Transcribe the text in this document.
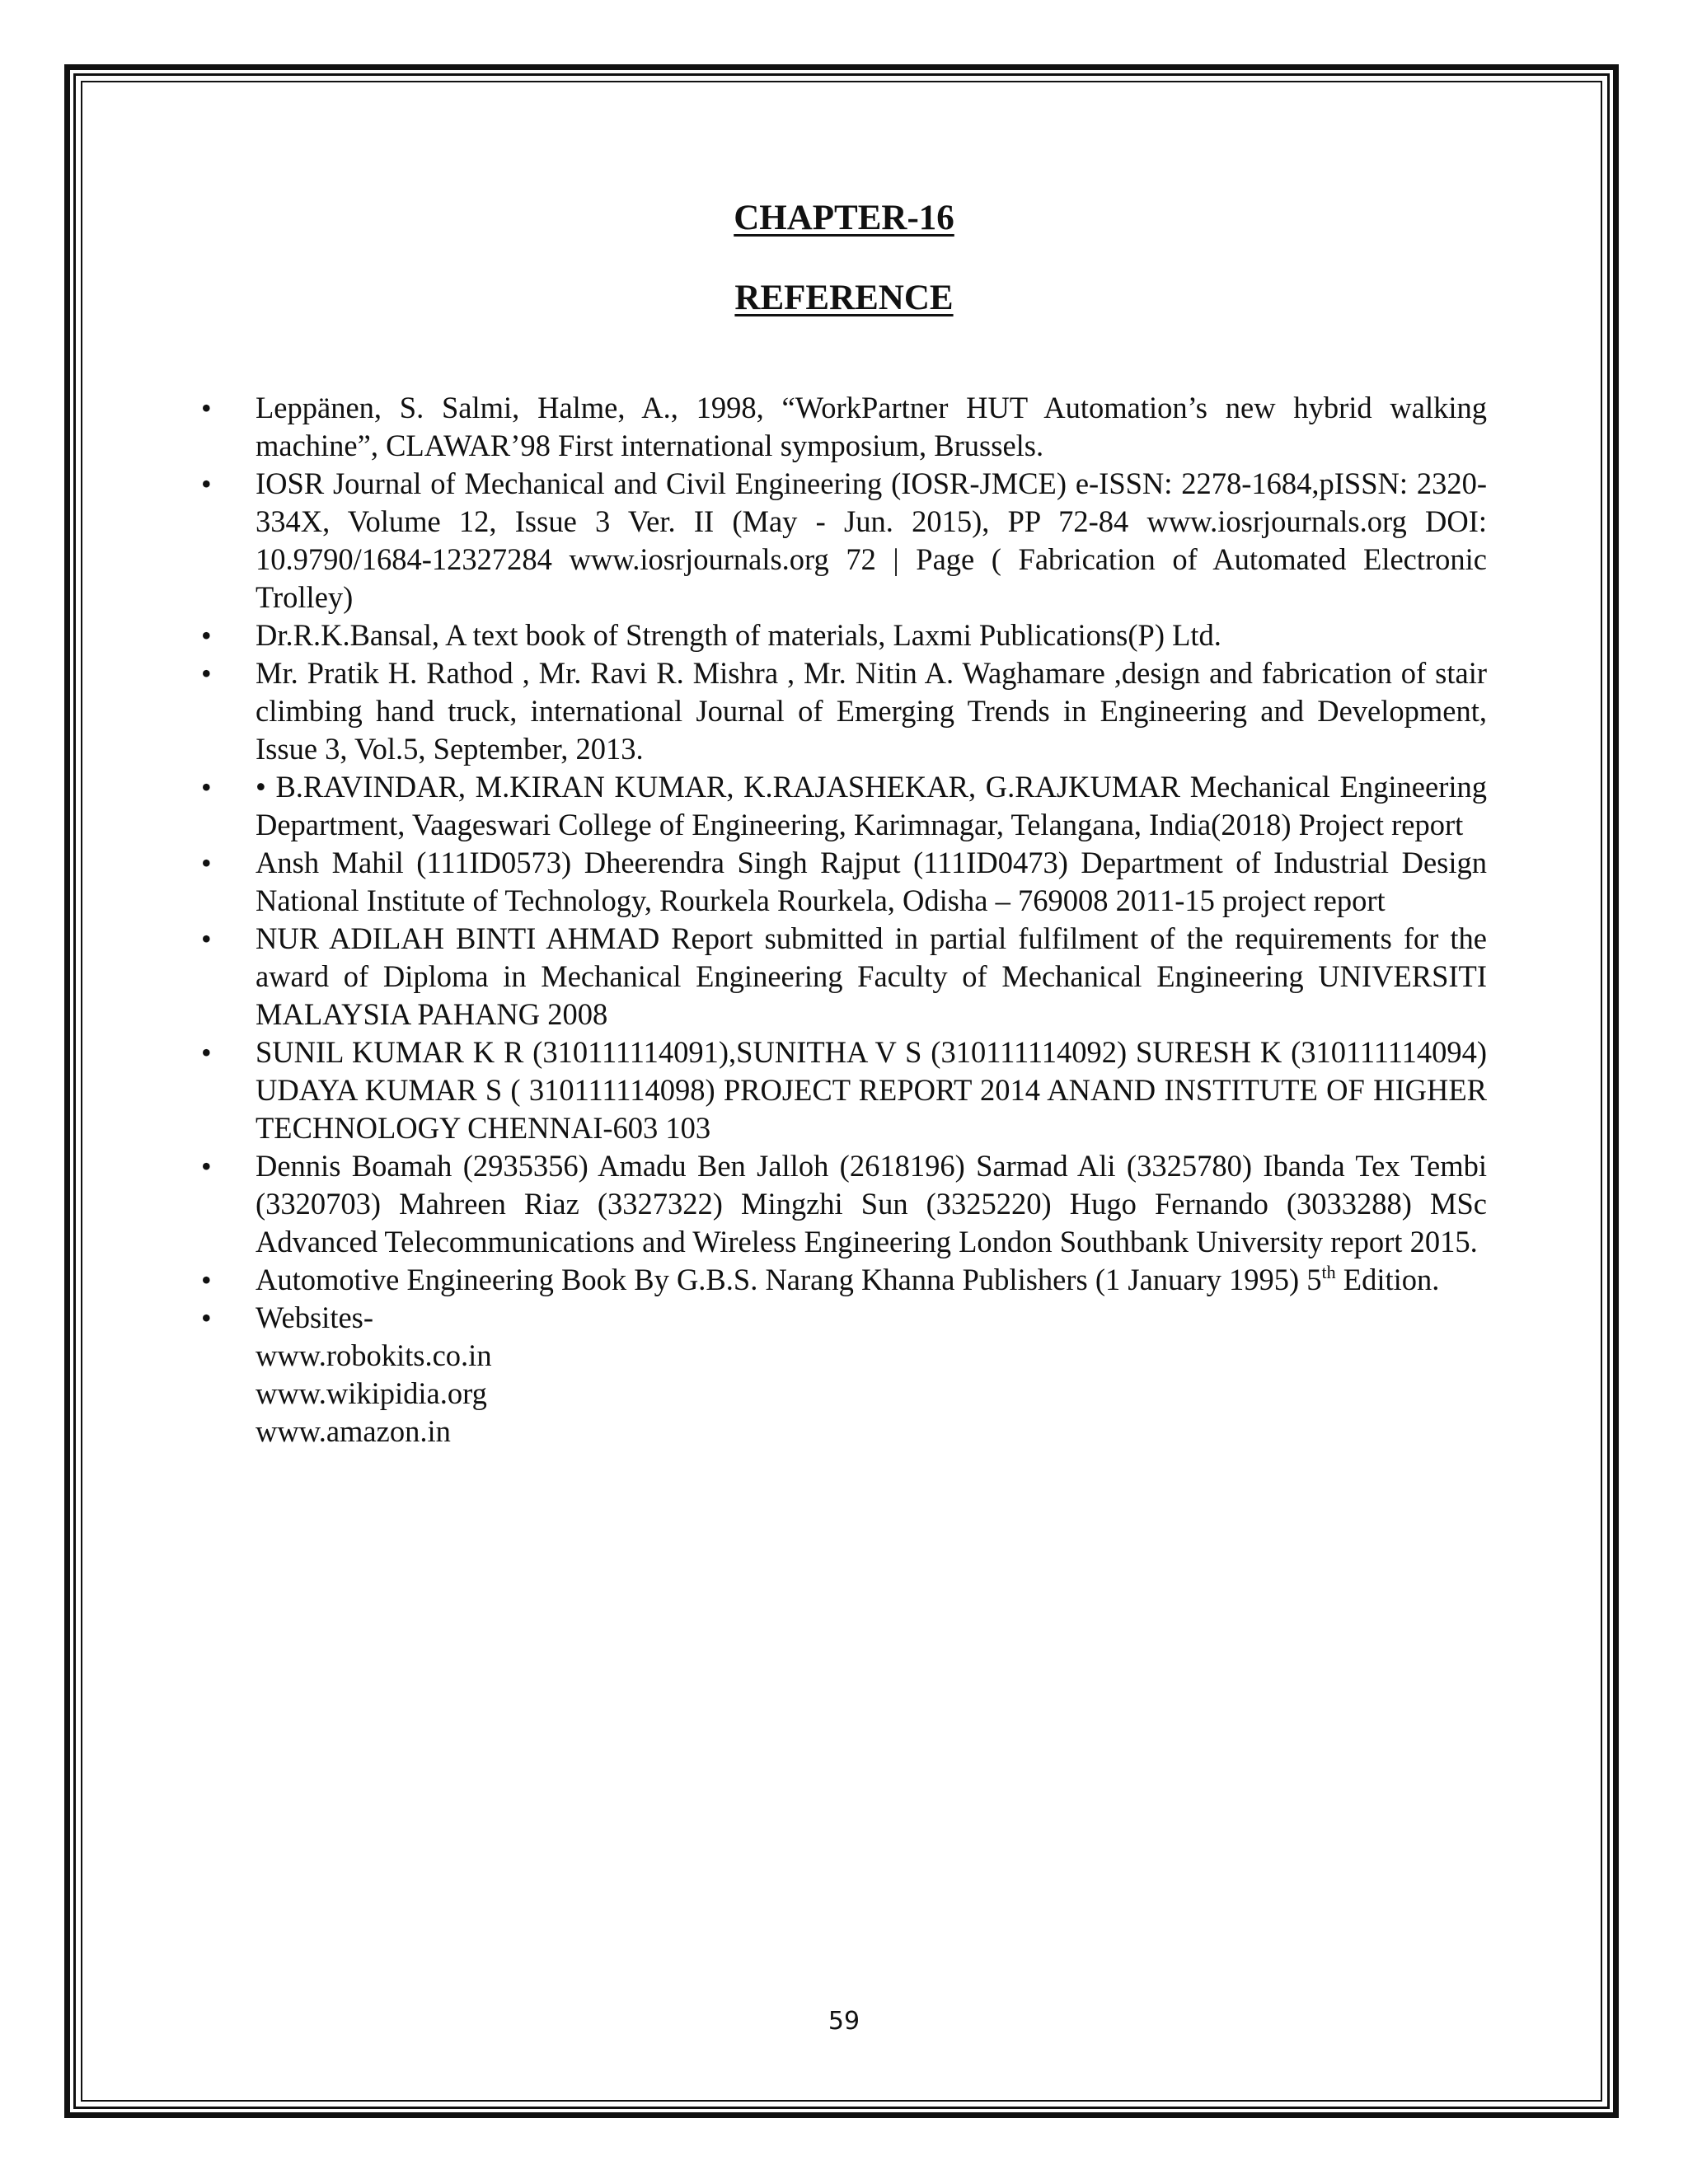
CHAPTER-16
REFERENCE
• Leppänen, S. Salmi, Halme, A., 1998, “WorkPartner HUT Automation’s new hybrid walking machine”, CLAWAR’98 First international symposium, Brussels.
• IOSR Journal of Mechanical and Civil Engineering (IOSR-JMCE) e-ISSN: 2278-1684,pISSN: 2320-334X, Volume 12, Issue 3 Ver. II (May - Jun. 2015), PP 72-84 www.iosrjournals.org DOI: 10.9790/1684-12327284 www.iosrjournals.org 72 | Page ( Fabrication of Automated Electronic Trolley)
• Dr.R.K.Bansal, A text book of Strength of materials, Laxmi Publications(P) Ltd.
• Mr. Pratik H. Rathod , Mr. Ravi R. Mishra , Mr. Nitin A. Waghamare ,design and fabrication of stair climbing hand truck, international Journal of Emerging Trends in Engineering and Development, Issue 3, Vol.5, September, 2013.
• • B.RAVINDAR, M.KIRAN KUMAR, K.RAJASHEKAR, G.RAJKUMAR Mechanical Engineering Department, Vaageswari College of Engineering, Karimnagar, Telangana, India(2018) Project report
• Ansh Mahil (111ID0573) Dheerendra Singh Rajput (111ID0473) Department of Industrial Design National Institute of Technology, Rourkela Rourkela, Odisha – 769008 2011-15 project report
• NUR ADILAH BINTI AHMAD Report submitted in partial fulfilment of the requirements for the award of Diploma in Mechanical Engineering Faculty of Mechanical Engineering UNIVERSITI MALAYSIA PAHANG 2008
• SUNIL KUMAR K R (310111114091),SUNITHA V S (310111114092) SURESH K (310111114094) UDAYA KUMAR S ( 310111114098) PROJECT REPORT 2014 ANAND INSTITUTE OF HIGHER TECHNOLOGY CHENNAI-603 103
• Dennis Boamah (2935356) Amadu Ben Jalloh (2618196) Sarmad Ali (3325780) Ibanda Tex Tembi (3320703) Mahreen Riaz (3327322) Mingzhi Sun (3325220) Hugo Fernando (3033288) MSc Advanced Telecommunications and Wireless Engineering London Southbank University report 2015.
• Automotive Engineering Book By G.B.S. Narang Khanna Publishers (1 January 1995) 5th Edition.
• Websites-
www.robokits.co.in
www.wikipidia.org
www.amazon.in
59
